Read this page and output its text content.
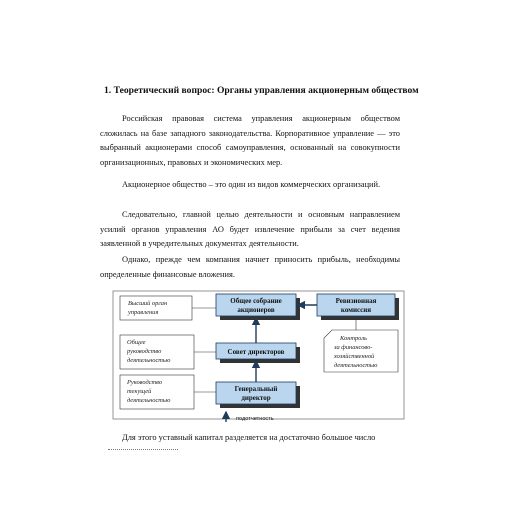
1. Теоретический вопрос: Органы управления акционерным обществом

Российская правовая система управления акционерным обществом сложилась на базе западного законодательства. Корпоративное управление — это выбранный акционерами способ самоуправления, основанный на совокупности организационных, правовых и экономических мер.

Акционерное общество – это один из видов коммерческих организаций.

Следовательно, главной целью деятельности и основным направлением усилий органов управления АО будет извлечение прибыли за счет ведения заявленной в учредительных документах деятельности.

Однако, прежде чем компания начнет приносить прибыль, необходимы определенные финансовые вложения.

Высший орган
управления
Общее
руководство
деятельностью
Руководство
текущей
деятельностью
Общее собрание
акционеров
Ревизионная
комиссия
Совет директоров
Генеральный
директор
Контроль
за финансово-
хозяйственной
деятельностью
подотчетность

Для этого уставный капитал разделяется на достаточно большое число
